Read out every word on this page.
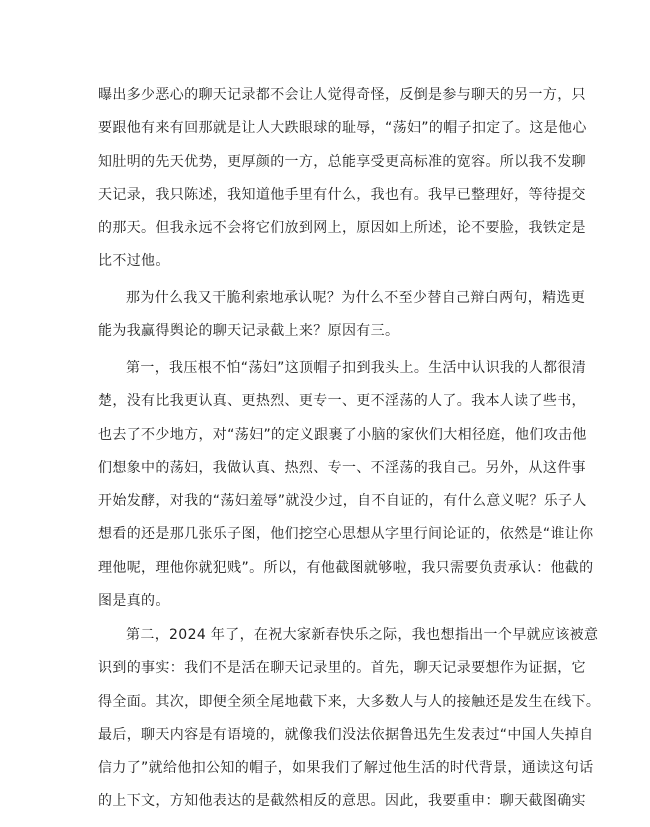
曝出多少恶心的聊天记录都不会让人觉得奇怪，反倒是参与聊天的另一方，只
要跟他有来有回那就是让人大跌眼球的耻辱，“荡妇”的帽子扣定了。这是他心
知肚明的先天优势，更厚颜的一方，总能享受更高标准的宽容。所以我不发聊
天记录，我只陈述，我知道他手里有什么，我也有。我早已整理好，等待提交
的那天。但我永远不会将它们放到网上，原因如上所述，论不要脸，我铁定是
比不过他。
那为什么我又干脆利索地承认呢？为什么不至少替自己辩白两句，精选更
能为我赢得舆论的聊天记录截上来？原因有三。
第一，我压根不怕“荡妇”这顶帽子扣到我头上。生活中认识我的人都很清
楚，没有比我更认真、更热烈、更专一、更不淫荡的人了。我本人读了些书，
也去了不少地方，对“荡妇”的定义跟裹了小脑的家伙们大相径庭，他们攻击他
们想象中的荡妇，我做认真、热烈、专一、不淫荡的我自己。另外，从这件事
开始发酵，对我的“荡妇羞辱”就没少过，自不自证的，有什么意义呢？乐子人
想看的还是那几张乐子图，他们挖空心思想从字里行间论证的，依然是“谁让你
理他呢，理他你就犯贱”。所以，有他截图就够啦，我只需要负责承认：他截的
图是真的。
第二，2024 年了，在祝大家新春快乐之际，我也想指出一个早就应该被意
识到的事实：我们不是活在聊天记录里的。首先，聊天记录要想作为证据，它
得全面。其次，即便全须全尾地截下来，大多数人与人的接触还是发生在线下。
最后，聊天内容是有语境的，就像我们没法依据鲁迅先生发表过“中国人失掉自
信力了”就给他扣公知的帽子，如果我们了解过他生活的时代背景，通读这句话
的上下文，方知他表达的是截然相反的意思。因此，我要重申：聊天截图确实
